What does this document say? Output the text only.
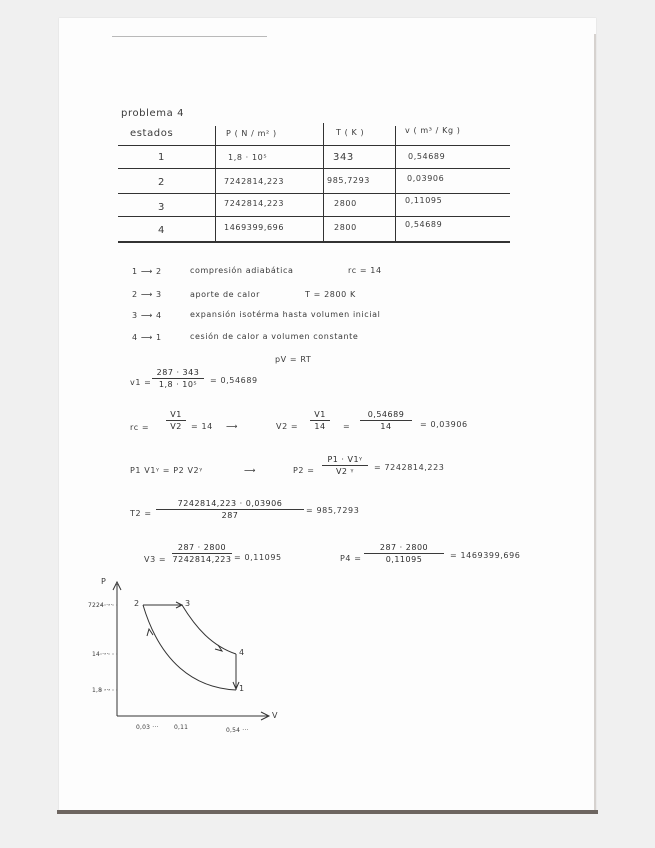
problema 4
estados	P ( N / m² )	T ( K )	v ( m³ / Kg )
1	1,8 · 10⁵	343	0,54689
2	7242814,223	985,7293	0,03906
3	7242814,223	2800	0,11095
4	1469399,696	2800	0,54689
1 ⟶ 2	compresión adiabática	rc = 14
2 ⟶ 3	aporte de calor	T = 2800 K
3 ⟶ 4	expansión isotérma hasta volumen inicial
4 ⟶ 1	cesión de calor a volumen constante
pV = RT
v1 =
287 · 343
1,8 · 10⁵	= 0,54689
rc =
V1
V2	= 14 ⟶	V2 =
V1
14	=
0,54689
14	= 0,03906
P1 V1ᵞ = P2 V2ᵞ	⟶	P2 =
P1 · V1ᵞ
V2 ᵞ	= 7242814,223
T2 =
7242814,223 · 0,03906
287
= 985,7293
V3 =
287 · 2800
7242814,223 = 0,11095	P4 =
287 · 2800
0,11095	= 1469399,696
P
V
7224 ···
14 ···
1,8 ···
0,03 ···	0,11	0,54 ···
1
2	3
4
